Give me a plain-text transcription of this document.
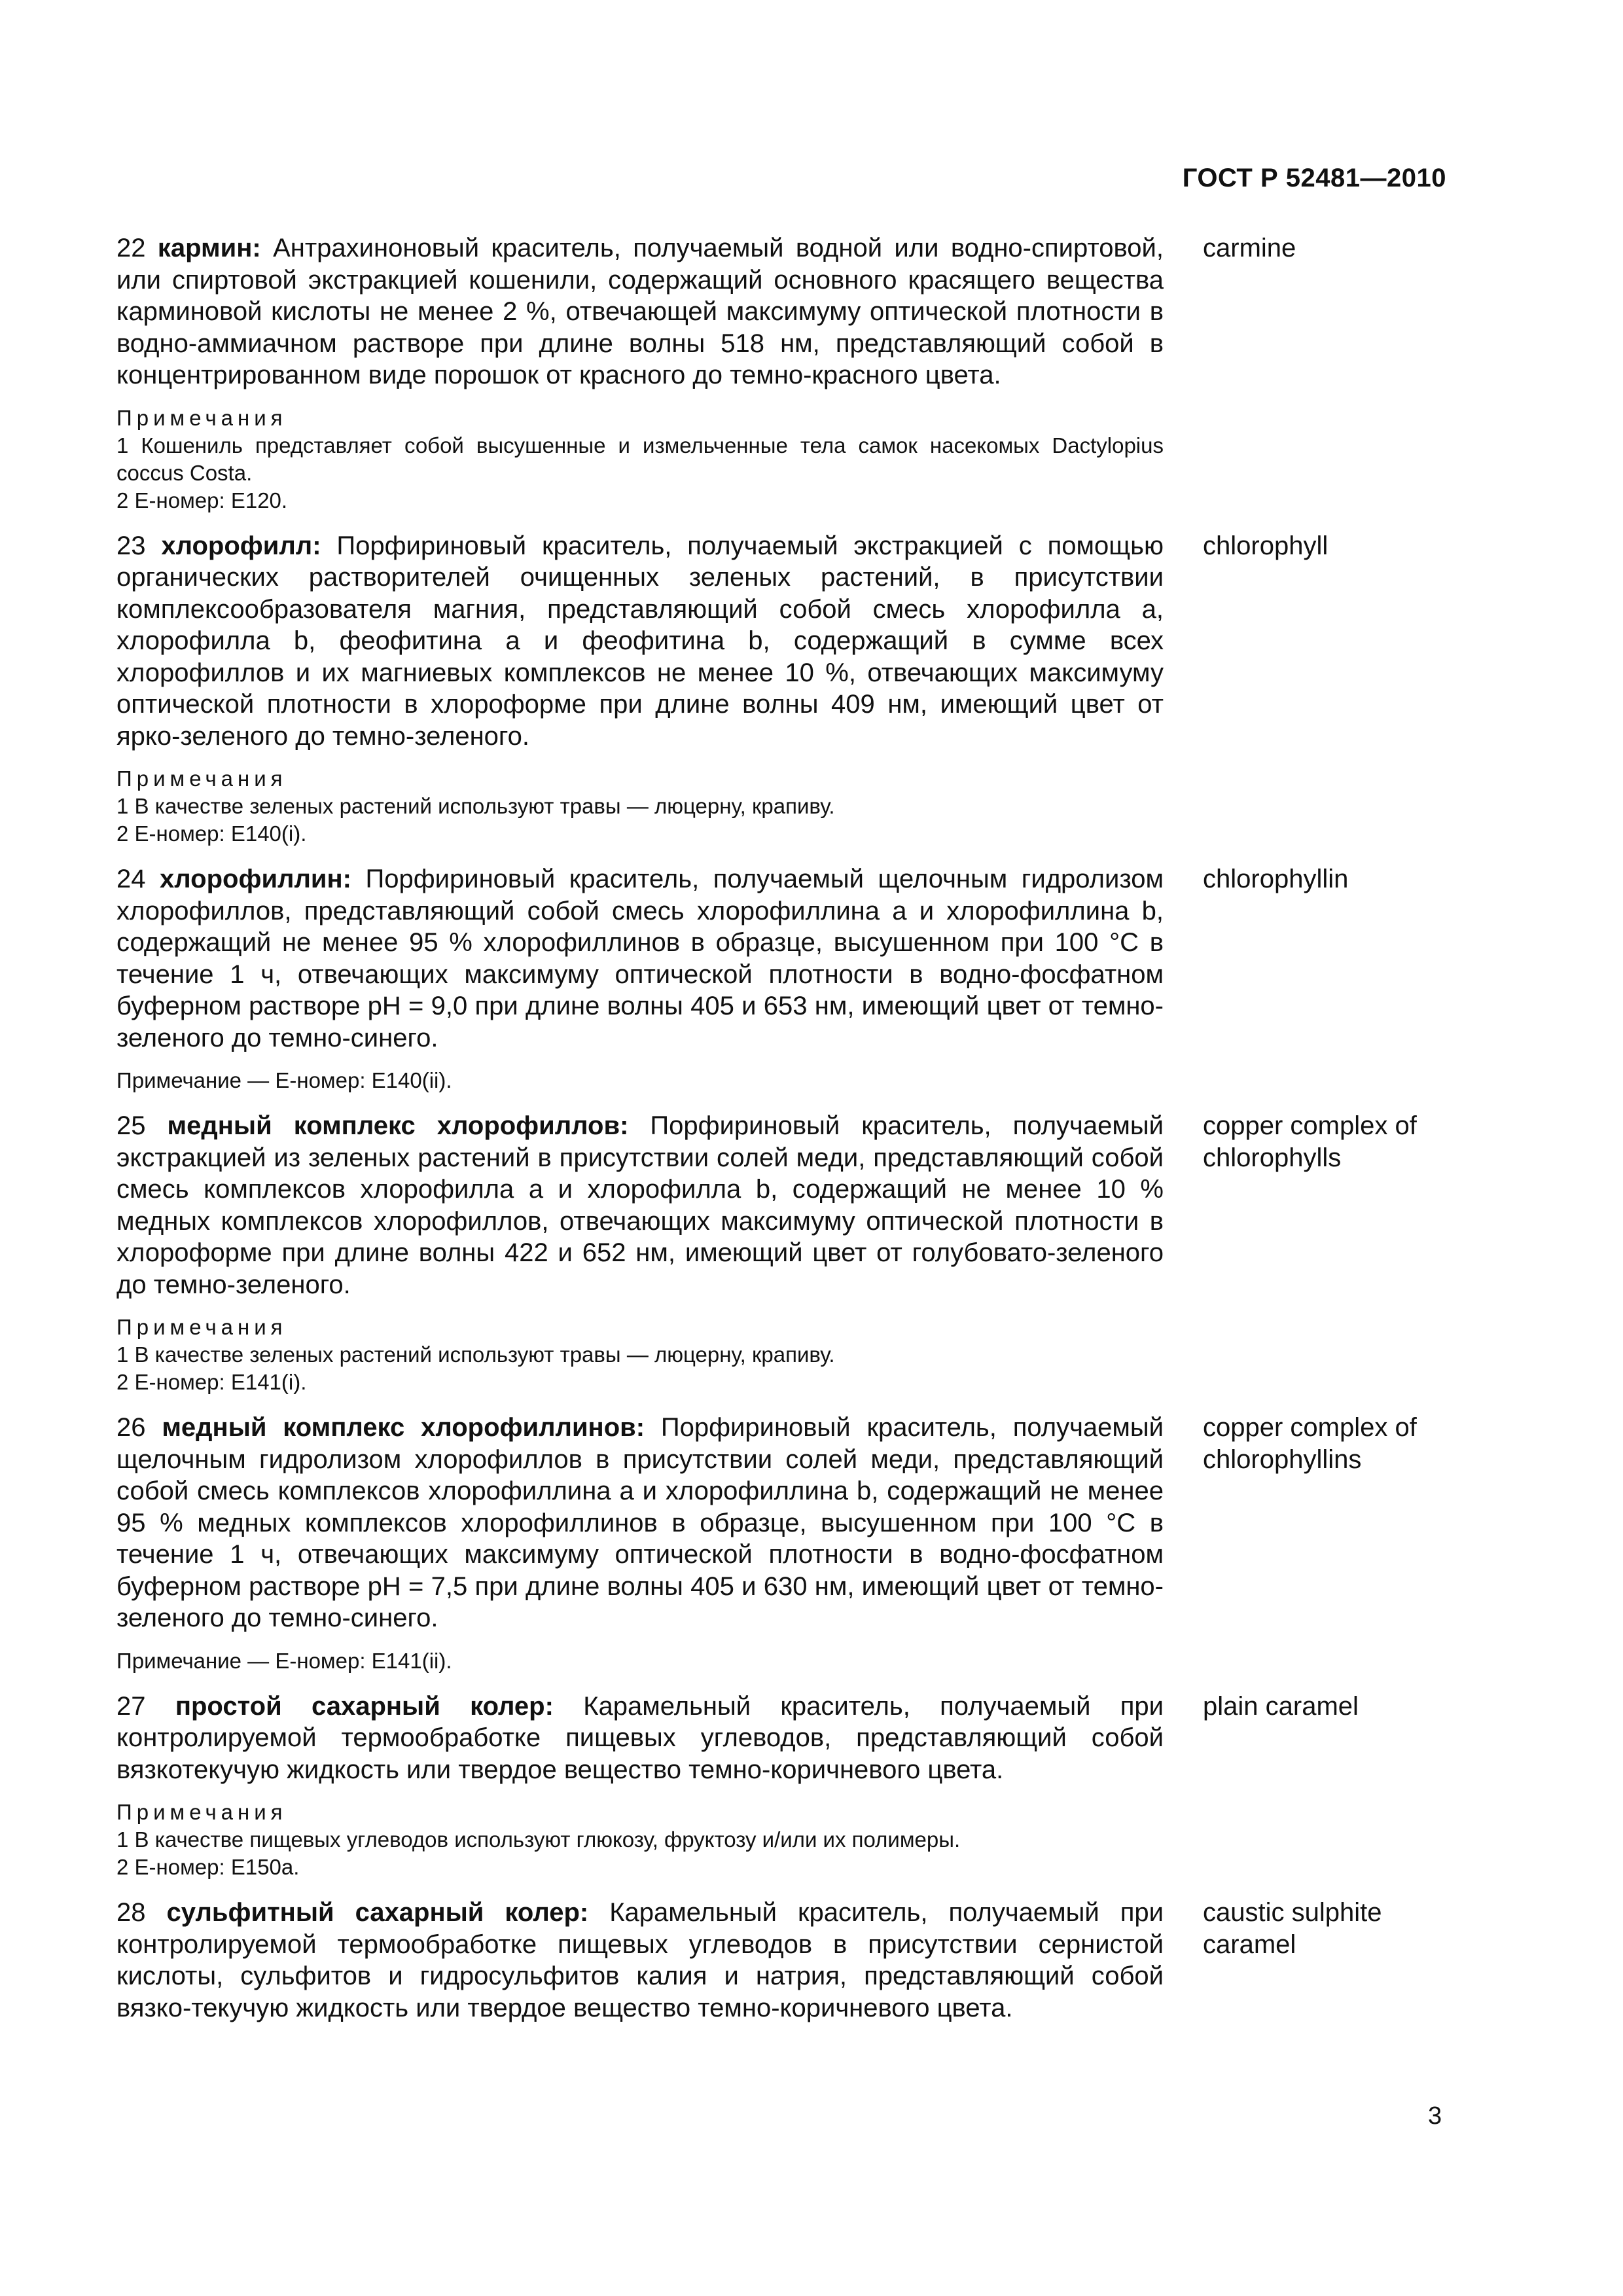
ГОСТ Р 52481—2010
22 кармин: Антрахиноновый краситель, получаемый водной или водно-спиртовой, или спиртовой экстракцией кошенили, содержащий основного красящего вещества карминовой кислоты не менее 2 %, отвечающей максимуму оптической плотности в водно-аммиачном растворе при длине волны 518 нм, представляющий собой в концентрированном виде порошок от красного до темно-красного цвета.
carmine
Примечания
1 Кошениль представляет собой высушенные и измельченные тела самок насекомых Dactylopius coccus Costa.
2 Е-номер: Е120.
23 хлорофилл: Порфириновый краситель, получаемый экстракцией с помощью органических растворителей очищенных зеленых растений, в присутствии комплексообразователя магния, представляющий собой смесь хлорофилла a, хлорофилла b, феофитина a и феофитина b, содержащий в сумме всех хлорофиллов и их магниевых комплексов не менее 10 %, отвечающих максимуму оптической плотности в хлороформе при длине волны 409 нм, имеющий цвет от ярко-зеленого до темно-зеленого.
chlorophyll
Примечания
1 В качестве зеленых растений используют травы — люцерну, крапиву.
2 Е-номер: Е140(i).
24 хлорофиллин: Порфириновый краситель, получаемый щелочным гидролизом хлорофиллов, представляющий собой смесь хлорофиллина a и хлорофиллина b, содержащий не менее 95 % хлорофиллинов в образце, высушенном при 100 °С в течение 1 ч, отвечающих максимуму оптической плотности в водно-фосфатном буферном растворе рН = 9,0 при длине волны 405 и 653 нм, имеющий цвет от темно-зеленого до темно-синего.
chlorophyllin
Примечание — Е-номер: Е140(ii).
25 медный комплекс хлорофиллов: Порфириновый краситель, получаемый экстракцией из зеленых растений в присутствии солей меди, представляющий собой смесь комплексов хлорофилла a и хлорофилла b, содержащий не менее 10 % медных комплексов хлорофиллов, отвечающих максимуму оптической плотности в хлороформе при длине волны 422 и 652 нм, имеющий цвет от голубовато-зеленого до темно-зеленого.
copper complex of chlorophylls
Примечания
1 В качестве зеленых растений используют травы — люцерну, крапиву.
2 Е-номер: Е141(i).
26 медный комплекс хлорофиллинов: Порфириновый краситель, получаемый щелочным гидролизом хлорофиллов в присутствии солей меди, представляющий собой смесь комплексов хлорофиллина a и хлорофиллина b, содержащий не менее 95 % медных комплексов хлорофиллинов в образце, высушенном при 100 °С в течение 1 ч, отвечающих максимуму оптической плотности в водно-фосфатном буферном растворе рН = 7,5 при длине волны 405 и 630 нм, имеющий цвет от темно-зеленого до темно-синего.
copper complex of chlorophyllins
Примечание — Е-номер: Е141(ii).
27 простой сахарный колер: Карамельный краситель, получаемый при контролируемой термообработке пищевых углеводов, представляющий собой вязкотекучую жидкость или твердое вещество темно-коричневого цвета.
plain caramel
Примечания
1 В качестве пищевых углеводов используют глюкозу, фруктозу и/или их полимеры.
2 Е-номер: Е150a.
28 сульфитный сахарный колер: Карамельный краситель, получаемый при контролируемой термообработке пищевых углеводов в присутствии сернистой кислоты, сульфитов и гидросульфитов калия и натрия, представляющий собой вязко-текучую жидкость или твердое вещество темно-коричневого цвета.
caustic sulphite caramel
3
